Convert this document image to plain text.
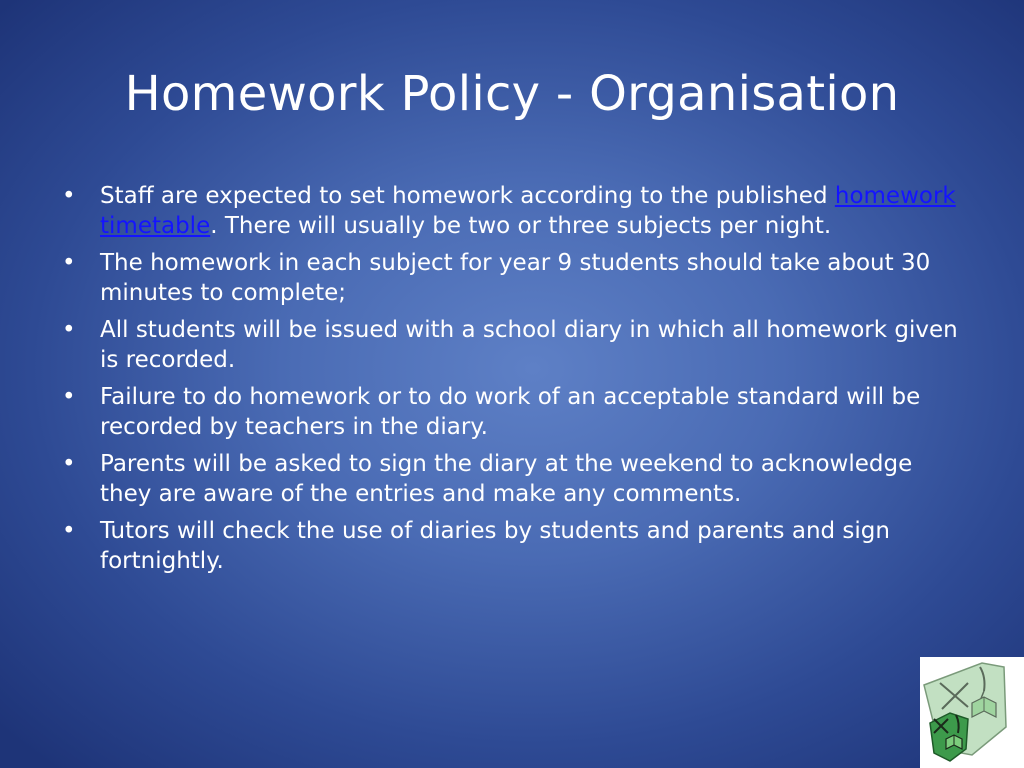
Homework Policy - Organisation
• Staff are expected to set homework according to the published homework timetable. There will usually be two or three subjects per night.
• The homework in each subject for year 9 students should take about 30 minutes to complete;
• All students will be issued with a school diary in which all homework given is recorded.
• Failure to do homework or to do work of an acceptable standard will be recorded by teachers in the diary.
• Parents will be asked to sign the diary at the weekend to acknowledge they are aware of the entries and make any comments.
• Tutors will check the use of diaries by students and parents and sign fortnightly.
